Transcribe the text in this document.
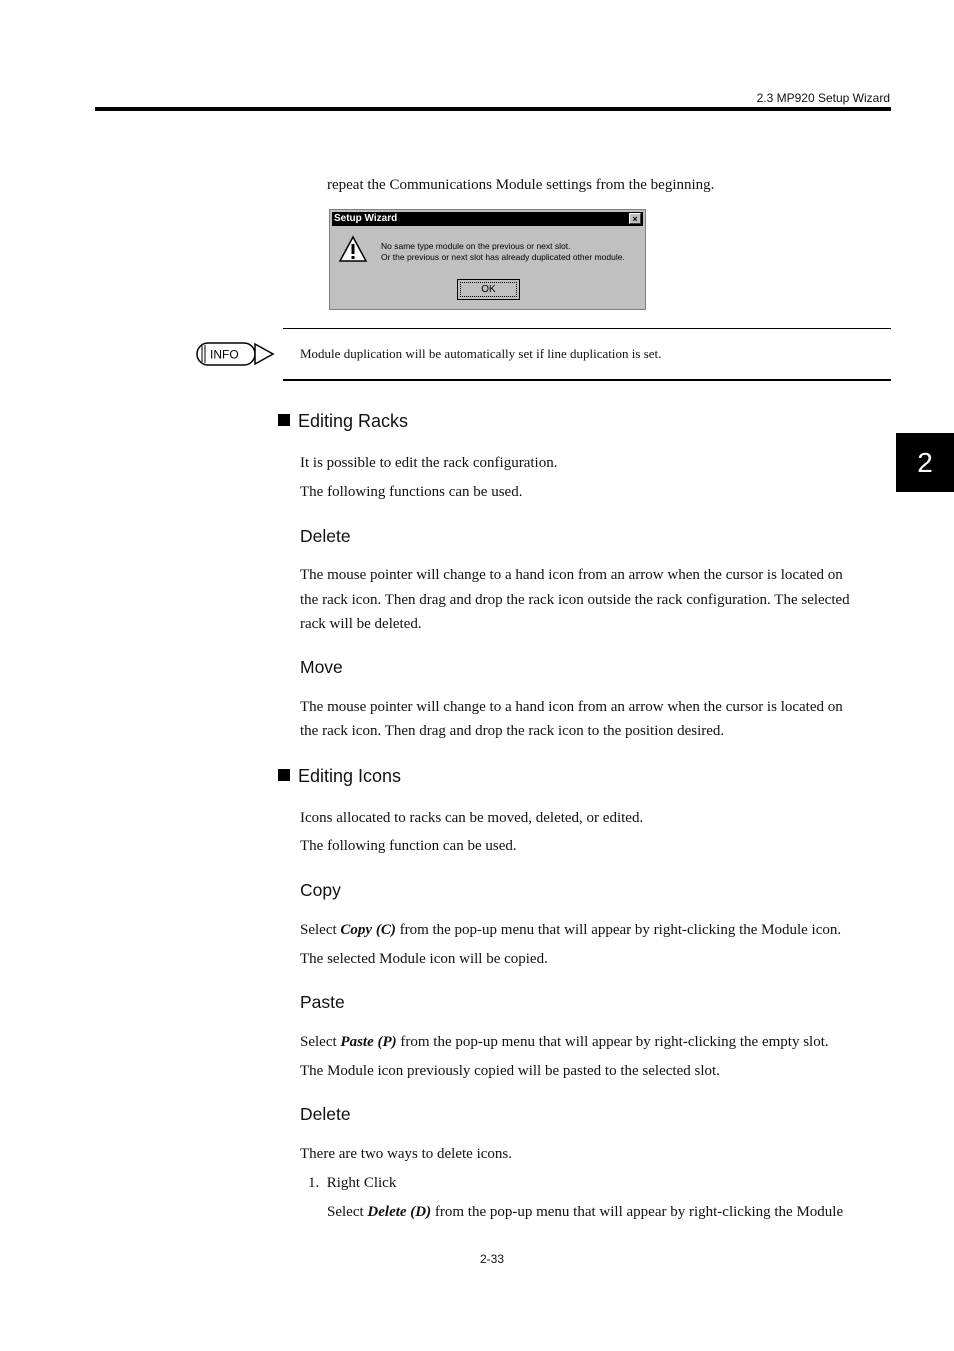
2.3 MP920 Setup Wizard
repeat the Communications Module settings from the beginning.
Setup Wizard	×
No same type module on the previous or next slot.
Or the previous or next slot has already duplicated other module.
OK
INFO	Module duplication will be automatically set if line duplication is set.
2
Editing Racks
It is possible to edit the rack configuration.
The following functions can be used.
Delete
The mouse pointer will change to a hand icon from an arrow when the cursor is located on
the rack icon. Then drag and drop the rack icon outside the rack configuration. The selected
rack will be deleted.
Move
The mouse pointer will change to a hand icon from an arrow when the cursor is located on
the rack icon. Then drag and drop the rack icon to the position desired.
Editing Icons
Icons allocated to racks can be moved, deleted, or edited.
The following function can be used.
Copy
Select Copy (C) from the pop-up menu that will appear by right-clicking the Module icon.
The selected Module icon will be copied.
Paste
Select Paste (P) from the pop-up menu that will appear by right-clicking the empty slot.
The Module icon previously copied will be pasted to the selected slot.
Delete
There are two ways to delete icons.
1.  Right Click
Select Delete (D) from the pop-up menu that will appear by right-clicking the Module
2-33
